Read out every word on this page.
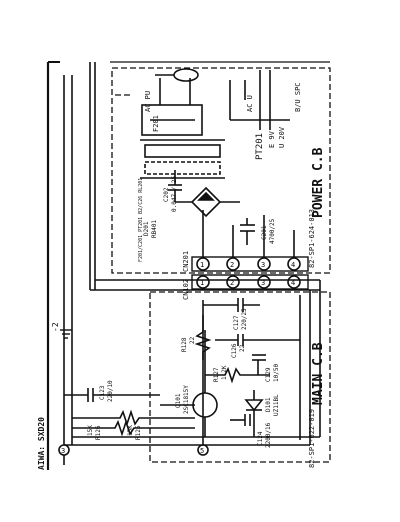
AIWA: SXD20
POWER C.B
MAIN C.B
82-SP1-624-013
82-SP1-622-019
AC PU	AC U	B/U SPC
PT201 E 9V U 20V
F201
F201/C201 PT201 B2/C26 RL201	CN201
CN102
1	2	3	4
1	2	3	4
C202 0.047 / 25
D201 RB401	C201 4700/25
C127 220/25
C126 22
R128 22
R127 1.2K	C129 10/50
D101 UZ11BL
Q101 2SC1815Y
C124 2200/16
C123 220/10
R125
15K
R126
15K
3	5
-2
